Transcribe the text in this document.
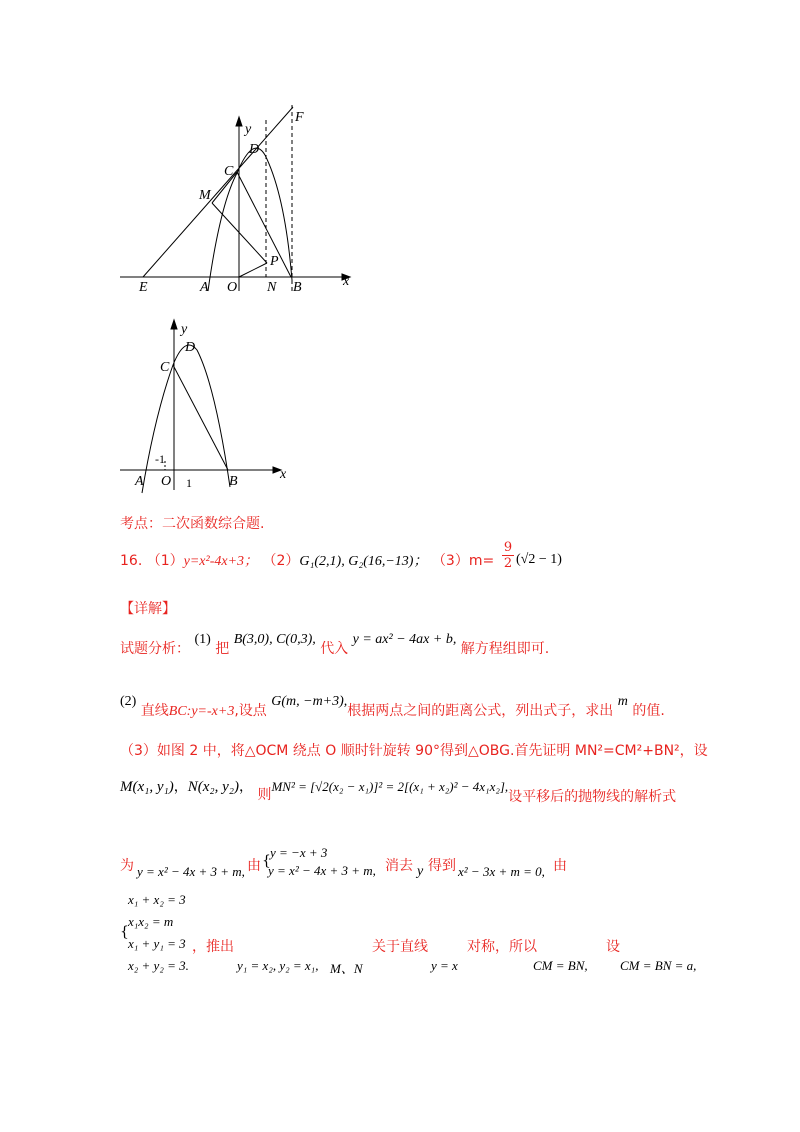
y
F
D
C
M
P
E	A O N B	x
y
D
C
-1
A O 1	B	x
考点：二次函数综合题.
16. （1）y=x²-4x+3； （2）G₁(2,1), G₂(16,−13)； $(3)m= \frac{9}{2} (√2 - 1)$
【详解】
试题分析： (1) 把 B(3,0), C(0,3), 代入 y = ax² − 4ax + b, 解方程组即可.
(2) 直线BC:y=-x+3,设点 G(m, −m+3),根据两点之间的距离公式，列出式子，求出 m 的值.
（3）如图 2 中，将△OCM 绕点 O 顺时针旋转 90°得到△OBG.首先证明 MN²=CM²+BN²，设
M(x₁, y₁)，N(x₂, y₂)， 则MN² = [√2(x₂ − x₁)]² = 2[(x₁ + x₂)² − 4x₁x₂],设平移后的抛物线的解析式
为 y = x² − 4x + 3 + m, 由 {
y = −x + 3
y = x² − 4x + 3 + m, 消去 y 得到 x² − 3x + m = 0, 由
x₁ + x₂ = 3
x₁x₂ = m
{
x₁ + y₁ = 3
x₂ + y₂ = 3.
，推出
y₁ = x₂, y₂ = x₁, M、N
关于直线
y = x
对称，所以
CM = BN,
设
CM = BN = a,
